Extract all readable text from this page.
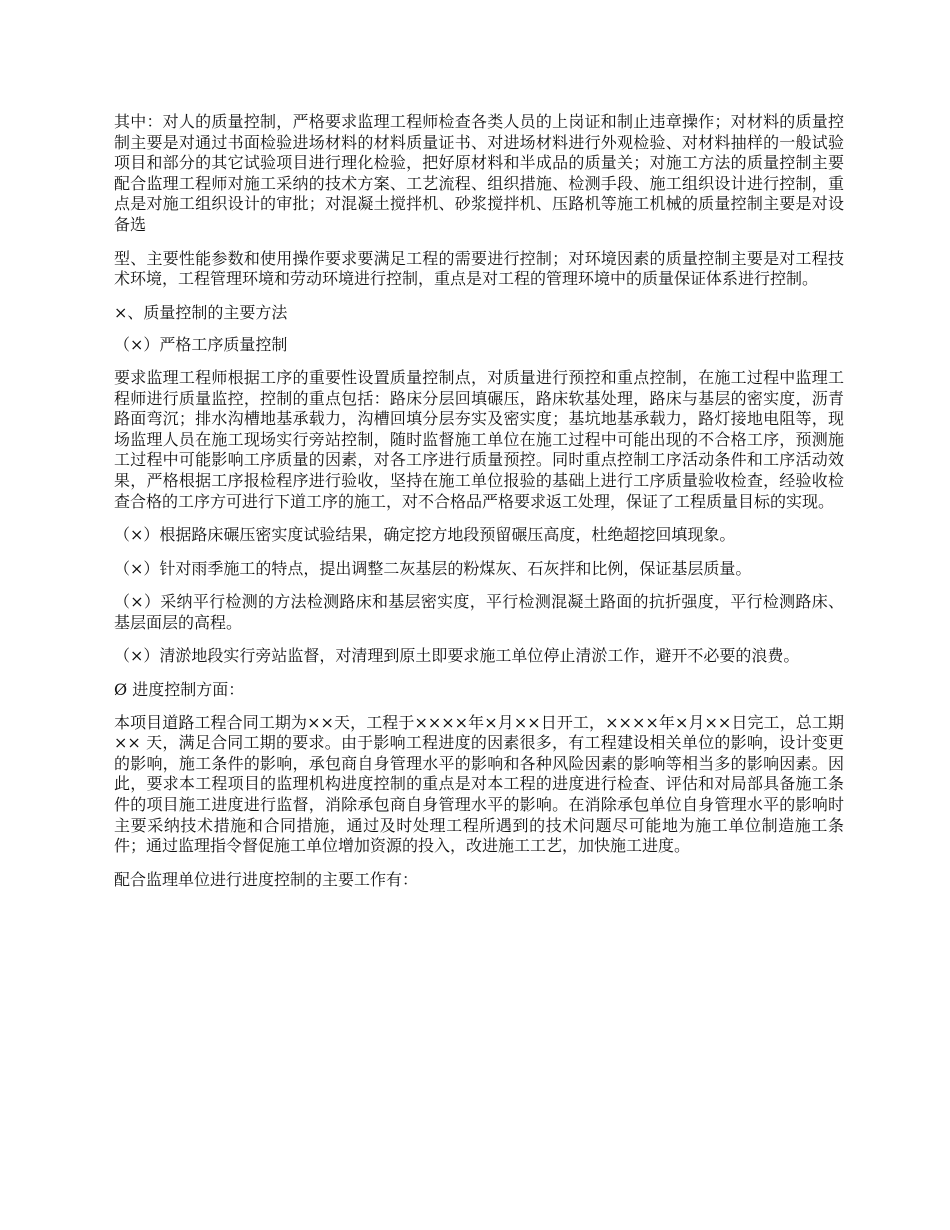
其中：对人的质量控制，严格要求监理工程师检查各类人员的上岗证和制止违章操作；对材料的质量控制主要是对通过书面检验进场材料的材料质量证书、对进场材料进行外观检验、对材料抽样的一般试验项目和部分的其它试验项目进行理化检验，把好原材料和半成品的质量关；对施工方法的质量控制主要配合监理工程师对施工采纳的技术方案、工艺流程、组织措施、检测手段、施工组织设计进行控制，重点是对施工组织设计的审批；对混凝土搅拌机、砂浆搅拌机、压路机等施工机械的质量控制主要是对设备选

型、主要性能参数和使用操作要求要满足工程的需要进行控制；对环境因素的质量控制主要是对工程技术环境，工程管理环境和劳动环境进行控制，重点是对工程的管理环境中的质量保证体系进行控制。

×、质量控制的主要方法

（×）严格工序质量控制

要求监理工程师根据工序的重要性设置质量控制点，对质量进行预控和重点控制，在施工过程中监理工程师进行质量监控，控制的重点包括：路床分层回填碾压，路床软基处理，路床与基层的密实度，沥青路面弯沉；排水沟槽地基承载力，沟槽回填分层夯实及密实度；基坑地基承载力，路灯接地电阻等，现场监理人员在施工现场实行旁站控制，随时监督施工单位在施工过程中可能出现的不合格工序，预测施工过程中可能影响工序质量的因素，对各工序进行质量预控。同时重点控制工序活动条件和工序活动效果，严格根据工序报检程序进行验收，坚持在施工单位报验的基础上进行工序质量验收检查，经验收检查合格的工序方可进行下道工序的施工，对不合格品严格要求返工处理，保证了工程质量目标的实现。

（×）根据路床碾压密实度试验结果，确定挖方地段预留碾压高度，杜绝超挖回填现象。

（×）针对雨季施工的特点，提出调整二灰基层的粉煤灰、石灰拌和比例，保证基层质量。

（×）采纳平行检测的方法检测路床和基层密实度，平行检测混凝土路面的抗折强度，平行检测路床、基层面层的高程。

（×）清淤地段实行旁站监督，对清理到原土即要求施工单位停止清淤工作，避开不必要的浪费。

Ø 进度控制方面：

本项目道路工程合同工期为××天，工程于××××年×月××日开工，××××年×月××日完工，总工期×× 天，满足合同工期的要求。由于影响工程进度的因素很多，有工程建设相关单位的影响，设计变更的影响，施工条件的影响，承包商自身管理水平的影响和各种风险因素的影响等相当多的影响因素。因此，要求本工程项目的监理机构进度控制的重点是对本工程的进度进行检查、评估和对局部具备施工条件的项目施工进度进行监督，消除承包商自身管理水平的影响。在消除承包单位自身管理水平的影响时主要采纳技术措施和合同措施，通过及时处理工程所遇到的技术问题尽可能地为施工单位制造施工条件；通过监理指令督促施工单位增加资源的投入，改进施工工艺，加快施工进度。

配合监理单位进行进度控制的主要工作有：
